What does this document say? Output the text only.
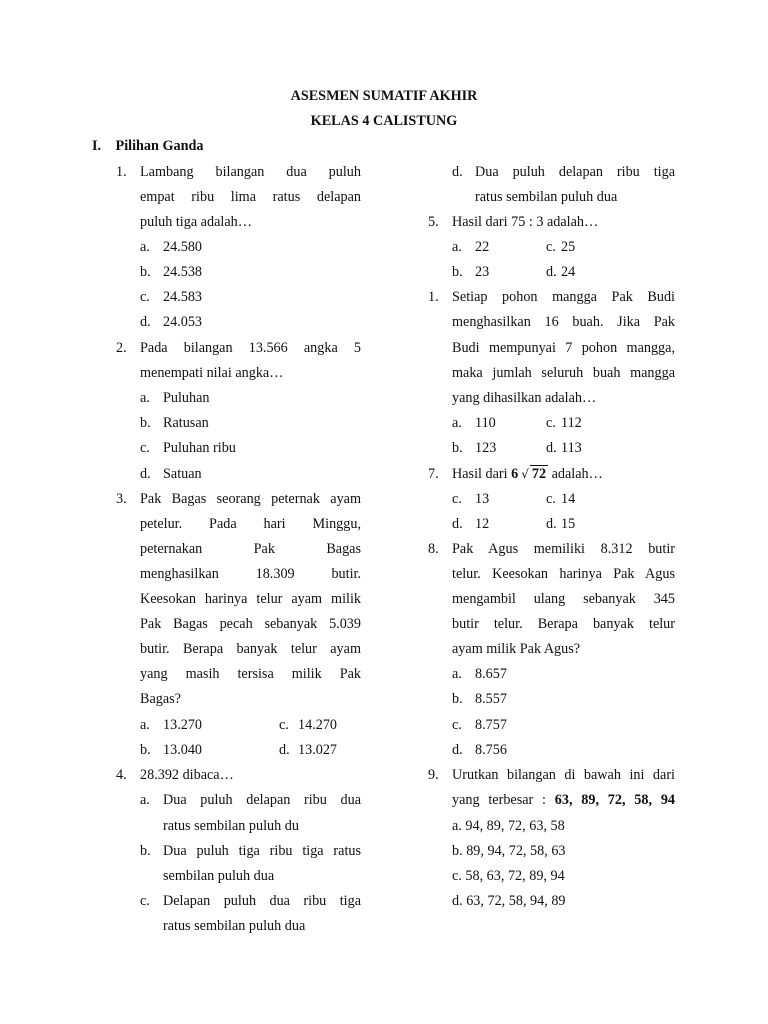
ASESMEN SUMATIF AKHIR
KELAS 4 CALISTUNG
I. Pilihan Ganda
1. Lambang bilangan dua puluh
empat ribu lima ratus delapan
puluh tiga adalah…
a. 24.580
b. 24.538
c. 24.583
d. 24.053
2. Pada bilangan 13.566 angka 5
menempati nilai angka…
a. Puluhan
b. Ratusan
c. Puluhan ribu
d. Satuan
3. Pak Bagas seorang peternak ayam
petelur. Pada hari Minggu,
peternakan Pak Bagas
menghasilkan 18.309 butir.
Keesokan harinya telur ayam milik
Pak Bagas pecah sebanyak 5.039
butir. Berapa banyak telur ayam
yang masih tersisa milik Pak
Bagas?
a. 13.270	c. 14.270
b. 13.040	d. 13.027
4. 28.392 dibaca…
a. Dua puluh delapan ribu dua
ratus sembilan puluh du
b. Dua puluh tiga ribu tiga ratus
sembilan puluh dua
c. Delapan puluh dua ribu tiga
ratus sembilan puluh dua
d. Dua puluh delapan ribu tiga
ratus sembilan puluh dua
5. Hasil dari 75 : 3 adalah…
a. 22	c. 25
b. 23	d. 24
1. Setiap pohon mangga Pak Budi
menghasilkan 16 buah. Jika Pak
Budi mempunyai 7 pohon mangga,
maka jumlah seluruh buah mangga
yang dihasilkan adalah…
a. 110	c. 112
b. 123	d. 113
7. Hasil dari 6 √ 72 adalah…
c. 13	c. 14
d. 12	d. 15
8. Pak Agus memiliki 8.312 butir
telur. Keesokan harinya Pak Agus
mengambil ulang sebanyak 345
butir telur. Berapa banyak telur
ayam milik Pak Agus?
a. 8.657
b. 8.557
c. 8.757
d. 8.756
9. Urutkan bilangan di bawah ini dari
yang terbesar : 63, 89, 72, 58, 94
a. 94, 89, 72, 63, 58
b. 89, 94, 72, 58, 63
c. 58, 63, 72, 89, 94
d. 63, 72, 58, 94, 89
